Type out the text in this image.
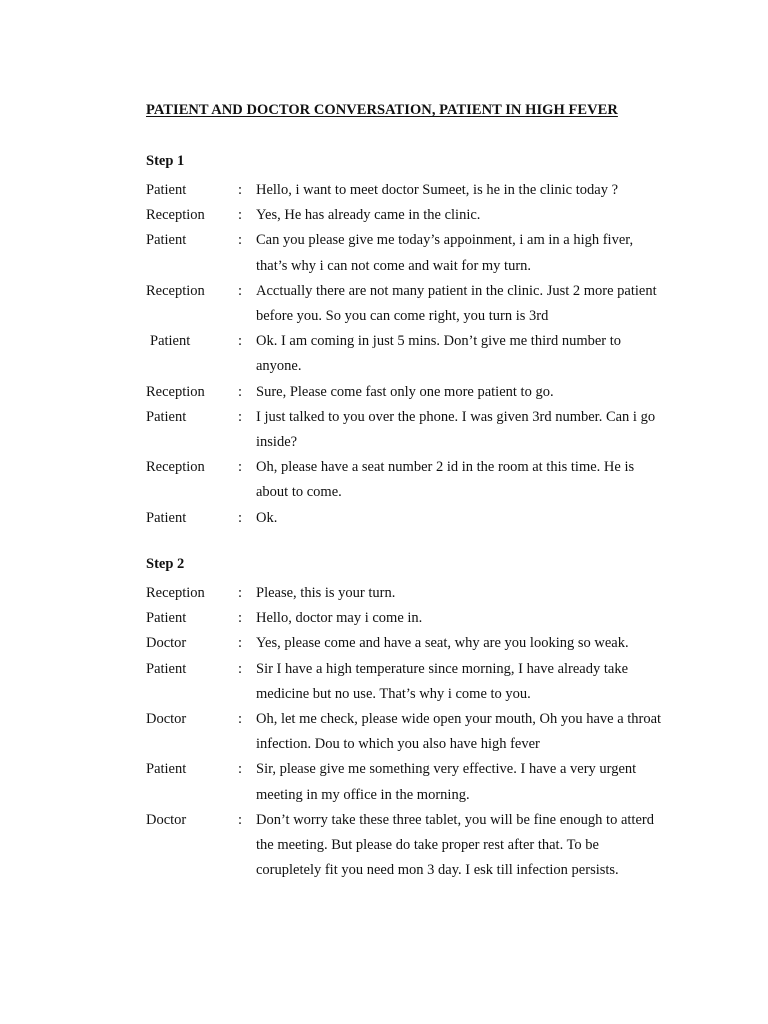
PATIENT AND DOCTOR CONVERSATION, PATIENT IN HIGH FEVER
Step 1
Patient	: Hello, i want to meet doctor Sumeet, is he in the clinic today ?
Reception : Yes, He has already came in the clinic.
Patient	: Can you please give me today’s appoinment, i am in a high fiver, that’s why i can not come and wait for my turn.
Reception : Acctually there are not many patient in the clinic. Just 2 more patient before you. So you can come right, you turn is 3rd
Patient	: Ok. I am coming in just 5 mins. Don’t give me third number to anyone.
Reception : Sure, Please come fast only one more patient to go.
Patient	: I just talked to you over the phone. I was given 3rd number. Can i go inside?
Reception : Oh, please have a seat number 2 id in the room at this time. He is about to come.
Patient	: Ok.
Step 2
Reception : Please, this is your turn.
Patient	: Hello, doctor may i come in.
Doctor	: Yes, please come and have a seat, why are you looking so weak.
Patient	: Sir I have a high temperature since morning, I have already take medicine but no use. That’s why i come to you.
Doctor	: Oh, let me check, please wide open your mouth, Oh you have a throat infection. Dou to which you also have high fever
Patient	: Sir, please give me something very effective. I have a very urgent meeting in my office in the morning.
Doctor	: Don’t worry take these three tablet, you will be fine enough to atterd the meeting. But please do take proper rest after that. To be corupletely fit you need mon 3 day. I esk till infection persists.
